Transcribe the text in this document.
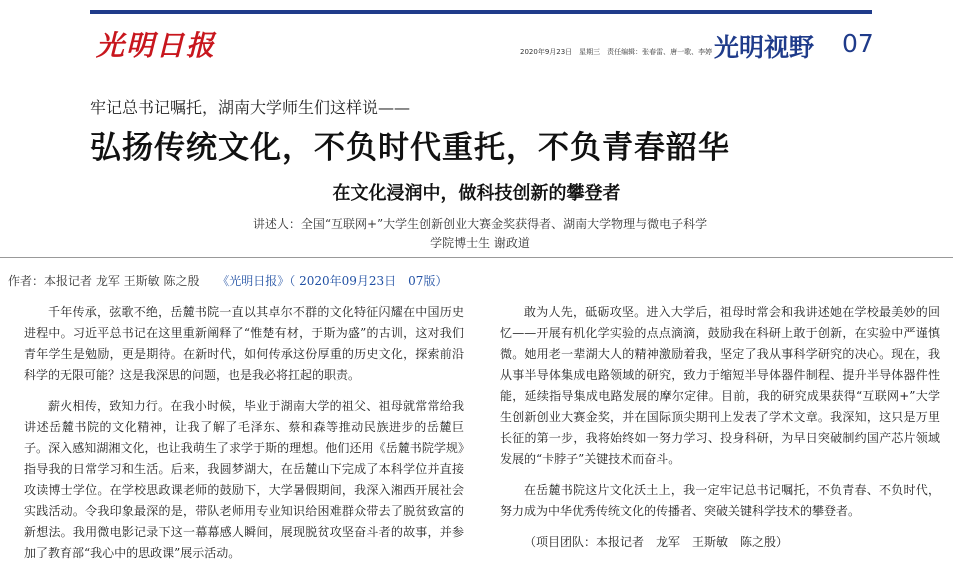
光明日报	2020年9月23日　星期三　责任编辑：张春雷、唐一歌、李婷 光明视野 07
牢记总书记嘱托，湖南大学师生们这样说——
弘扬传统文化，不负时代重托，不负青春韶华
在文化浸润中，做科技创新的攀登者
讲述人：全国“互联网+”大学生创新创业大赛金奖获得者、湖南大学物理与微电子科学
学院博士生 谢政道
作者：本报记者 龙军 王斯敏 陈之殷 《光明日报》（ 2020年09月23日　07版）

千年传承，弦歌不绝，岳麓书院一直以其卓尔不群的文化特征闪耀在中国历史进程中。习近平总书记在这里重新阐释了“惟楚有材，于斯为盛”的古训，这对我们青年学生是勉励，更是期待。在新时代，如何传承这份厚重的历史文化，探索前沿科学的无限可能？这是我深思的问题，也是我必将扛起的职责。

薪火相传，致知力行。在我小时候，毕业于湖南大学的祖父、祖母就常常给我讲述岳麓书院的文化精神，让我了解了毛泽东、蔡和森等推动民族进步的岳麓巨子。深入感知湖湘文化，也让我萌生了求学于斯的理想。他们还用《岳麓书院学规》指导我的日常学习和生活。后来，我圆梦湖大，在岳麓山下完成了本科学位并直接攻读博士学位。在学校思政课老师的鼓励下，大学暑假期间，我深入湘西开展社会实践活动。令我印象最深的是，带队老师用专业知识给困难群众带去了脱贫致富的新想法。我用微电影记录下这一幕幕感人瞬间，展现脱贫攻坚奋斗者的故事，并参加了教育部“我心中的思政课”展示活动。

敢为人先，砥砺攻坚。进入大学后，祖母时常会和我讲述她在学校最美妙的回忆——开展有机化学实验的点点滴滴，鼓励我在科研上敢于创新，在实验中严谨慎微。她用老一辈湖大人的精神激励着我，坚定了我从事科学研究的决心。现在，我从事半导体集成电路领域的研究，致力于缩短半导体器件制程、提升半导体器件性能，延续指导集成电路发展的摩尔定律。目前，我的研究成果获得“互联网+”大学生创新创业大赛金奖，并在国际顶尖期刊上发表了学术文章。我深知，这只是万里长征的第一步，我将始终如一努力学习、投身科研，为早日突破制约国产芯片领域发展的“卡脖子”关键技术而奋斗。

在岳麓书院这片文化沃土上，我一定牢记总书记嘱托，不负青春、不负时代，努力成为中华优秀传统文化的传播者、突破关键科学技术的攀登者。

（项目团队：本报记者　龙军　王斯敏　陈之殷）
